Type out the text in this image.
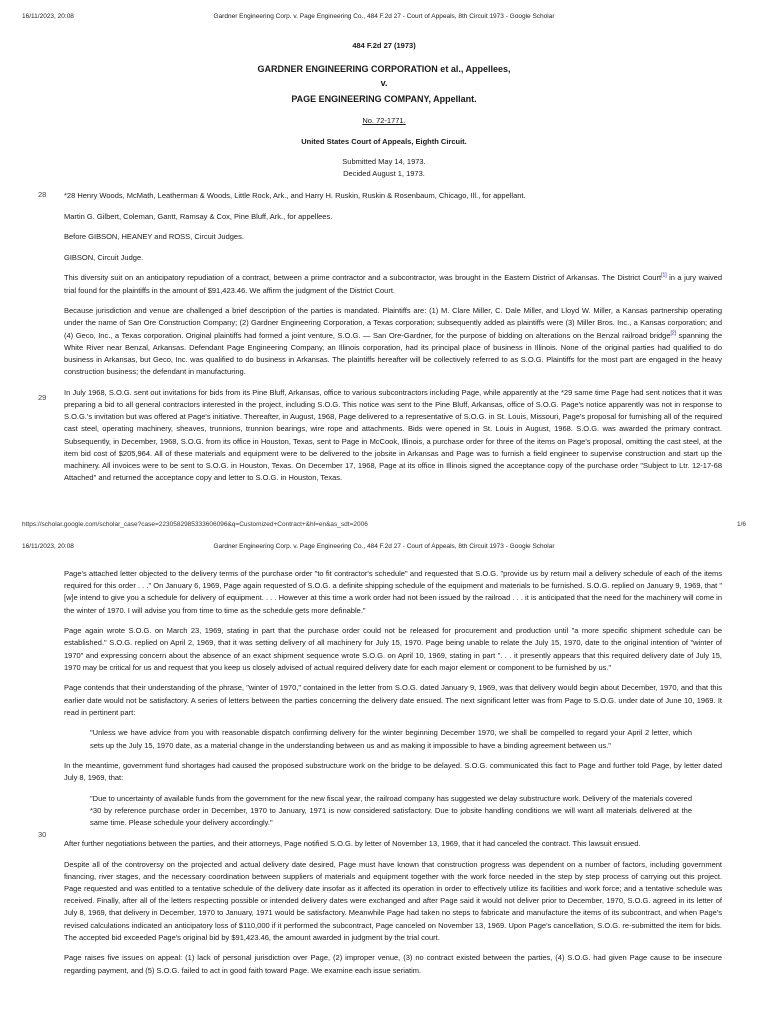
16/11/2023, 20:08	Gardner Engineering Corp. v. Page Engineering Co., 484 F.2d 27 - Court of Appeals, 8th Circuit 1973 - Google Scholar
484 F.2d 27 (1973)
GARDNER ENGINEERING CORPORATION et al., Appellees,
v.
PAGE ENGINEERING COMPANY, Appellant.
No. 72-1771.
United States Court of Appeals, Eighth Circuit.
Submitted May 14, 1973.
Decided August 1, 1973.
28
29

*28 Henry Woods, McMath, Leatherman & Woods, Little Rock, Ark., and Harry H. Ruskin, Ruskin & Rosenbaum, Chicago, Ill., for appellant.

Martin G. Gilbert, Coleman, Gantt, Ramsay & Cox, Pine Bluff, Ark., for appellees.

Before GIBSON, HEANEY and ROSS, Circuit Judges.

GIBSON, Circuit Judge.

This diversity suit on an anticipatory repudiation of a contract, between a prime contractor and a subcontractor, was brought in the Eastern District of Arkansas. The District Court[1] in a jury waived trial found for the plaintiffs in the amount of $91,423.46. We affirm the judgment of the District Court.

Because jurisdiction and venue are challenged a brief description of the parties is mandated. Plaintiffs are: (1) M. Clare Miller, C. Dale Miller, and Lloyd W. Miller, a Kansas partnership operating under the name of San Ore Construction Company; (2) Gardner Engineering Corporation, a Texas corporation; subsequently added as plaintiffs were (3) Miller Bros. Inc., a Kansas corporation; and (4) Geco, Inc., a Texas corporation. Original plaintiffs had formed a joint venture, S.O.G. — San Ore-Gardner, for the purpose of bidding on alterations on the Benzal railroad bridge[2] spanning the White River near Benzal, Arkansas. Defendant Page Engineering Company, an Illinois corporation, had its principal place of business in Illinois. None of the original parties had qualified to do business in Arkansas, but Geco, Inc. was qualified to do business in Arkansas. The plaintiffs hereafter will be collectively referred to as S.O.G. Plaintiffs for the most part are engaged in the heavy construction business; the defendant in manufacturing.

In July 1968, S.O.G. sent out invitations for bids from its Pine Bluff, Arkansas, office to various subcontractors including Page, while apparently at the *29 same time Page had sent notices that it was preparing a bid to all general contractors interested in the project, including S.O.G. This notice was sent to the Pine Bluff, Arkansas, office of S.O.G. Page's notice apparently was not in response to S.O.G.'s invitation but was offered at Page's initiative. Thereafter, in August, 1968, Page delivered to a representative of S.O.G. in St. Louis, Missouri, Page's proposal for furnishing all of the required cast steel, operating machinery, sheaves, trunnions, trunnion bearings, wire rope and attachments. Bids were opened in St. Louis in August, 1968. S.O.G. was awarded the primary contract. Subsequently, in December, 1968, S.O.G. from its office in Houston, Texas, sent to Page in McCook, Illinois, a purchase order for three of the items on Page's proposal, omitting the cast steel, at the item bid cost of $205,964. All of these materials and equipment were to be delivered to the jobsite in Arkansas and Page was to furnish a field engineer to supervise construction and start up the machinery. All invoices were to be sent to S.O.G. in Houston, Texas. On December 17, 1968, Page at its office in Illinois signed the acceptance copy of the purchase order "Subject to Ltr. 12-17-68 Attached" and returned the acceptance copy and letter to S.O.G. in Houston, Texas.

https://scholar.google.com/scholar_case?case=2230582985333606096&q=Customized+Contract+&hl=en&as_sdt=2006	1/6
16/11/2023, 20:08	Gardner Engineering Corp. v. Page Engineering Co., 484 F.2d 27 - Court of Appeals, 8th Circuit 1973 - Google Scholar
30

Page's attached letter objected to the delivery terms of the purchase order "to fit contractor's schedule" and requested that S.O.G. "provide us by return mail a delivery schedule of each of the items required for this order . . ." On January 6, 1969, Page again requested of S.O.G. a definite shipping schedule of the equipment and materials to be furnished. S.O.G. replied on January 9, 1969, that "[w]e intend to give you a schedule for delivery of equipment. . . . However at this time a work order had not been issued by the railroad . . . it is anticipated that the need for the machinery will come in the winter of 1970. I will advise you from time to time as the schedule gets more definable."

Page again wrote S.O.G. on March 23, 1969, stating in part that the purchase order could not be released for procurement and production until "a more specific shipment schedule can be established." S.O.G. replied on April 2, 1969, that it was setting delivery of all machinery for July 15, 1970. Page being unable to relate the July 15, 1970, date to the original intention of "winter of 1970" and expressing concern about the absence of an exact shipment sequence wrote S.O.G. on April 10, 1969, stating in part ". . . it presently appears that this required delivery date of July 15, 1970 may be critical for us and request that you keep us closely advised of actual required delivery date for each major element or component to be furnished by us."

Page contends that their understanding of the phrase, "winter of 1970," contained in the letter from S.O.G. dated January 9, 1969, was that delivery would begin about December, 1970, and that this earlier date would not be satisfactory. A series of letters between the parties concerning the delivery date ensued. The next significant letter was from Page to S.O.G. under date of June 10, 1969. It read in pertinent part:

"Unless we have advice from you with reasonable dispatch confirming delivery for the winter beginning December 1970, we shall be compelled to regard your April 2 letter, which sets up the July 15, 1970 date, as a material change in the understanding between us and as making it impossible to have a binding agreement between us."

In the meantime, government fund shortages had caused the proposed substructure work on the bridge to be delayed. S.O.G. communicated this fact to Page and further told Page, by letter dated July 8, 1969, that:

"Due to uncertainty of available funds from the government for the new fiscal year, the railroad company has suggested we delay substructure work. Delivery of the materials covered *30 by reference purchase order in December, 1970 to January, 1971 is now considered satisfactory. Due to jobsite handling conditions we will want all materials delivered at the same time. Please schedule your delivery accordingly."

After further negotiations between the parties, and their attorneys, Page notified S.O.G. by letter of November 13, 1969, that it had canceled the contract. This lawsuit ensued.

Despite all of the controversy on the projected and actual delivery date desired, Page must have known that construction progress was dependent on a number of factors, including government financing, river stages, and the necessary coordination between suppliers of materials and equipment together with the work force needed in the step by step process of carrying out this project. Page requested and was entitled to a tentative schedule of the delivery date insofar as it affected its operation in order to effectively utilize its facilities and work force; and a tentative schedule was received. Finally, after all of the letters respecting possible or intended delivery dates were exchanged and after Page said it would not deliver prior to December, 1970, S.O.G. agreed in its letter of July 8, 1969, that delivery in December, 1970 to January, 1971 would be satisfactory. Meanwhile Page had taken no steps to fabricate and manufacture the items of its subcontract, and when Page's revised calculations indicated an anticipatory loss of $110,000 if it performed the subcontract, Page canceled on November 13, 1969. Upon Page's cancellation, S.O.G. re-submitted the item for bids. The accepted bid exceeded Page's original bid by $91,423.46, the amount awarded in judgment by the trial court.

Page raises five issues on appeal: (1) lack of personal jurisdiction over Page, (2) improper venue, (3) no contract existed between the parties, (4) S.O.G. had given Page cause to be insecure regarding payment, and (5) S.O.G. failed to act in good faith toward Page. We examine each issue seriatim.
